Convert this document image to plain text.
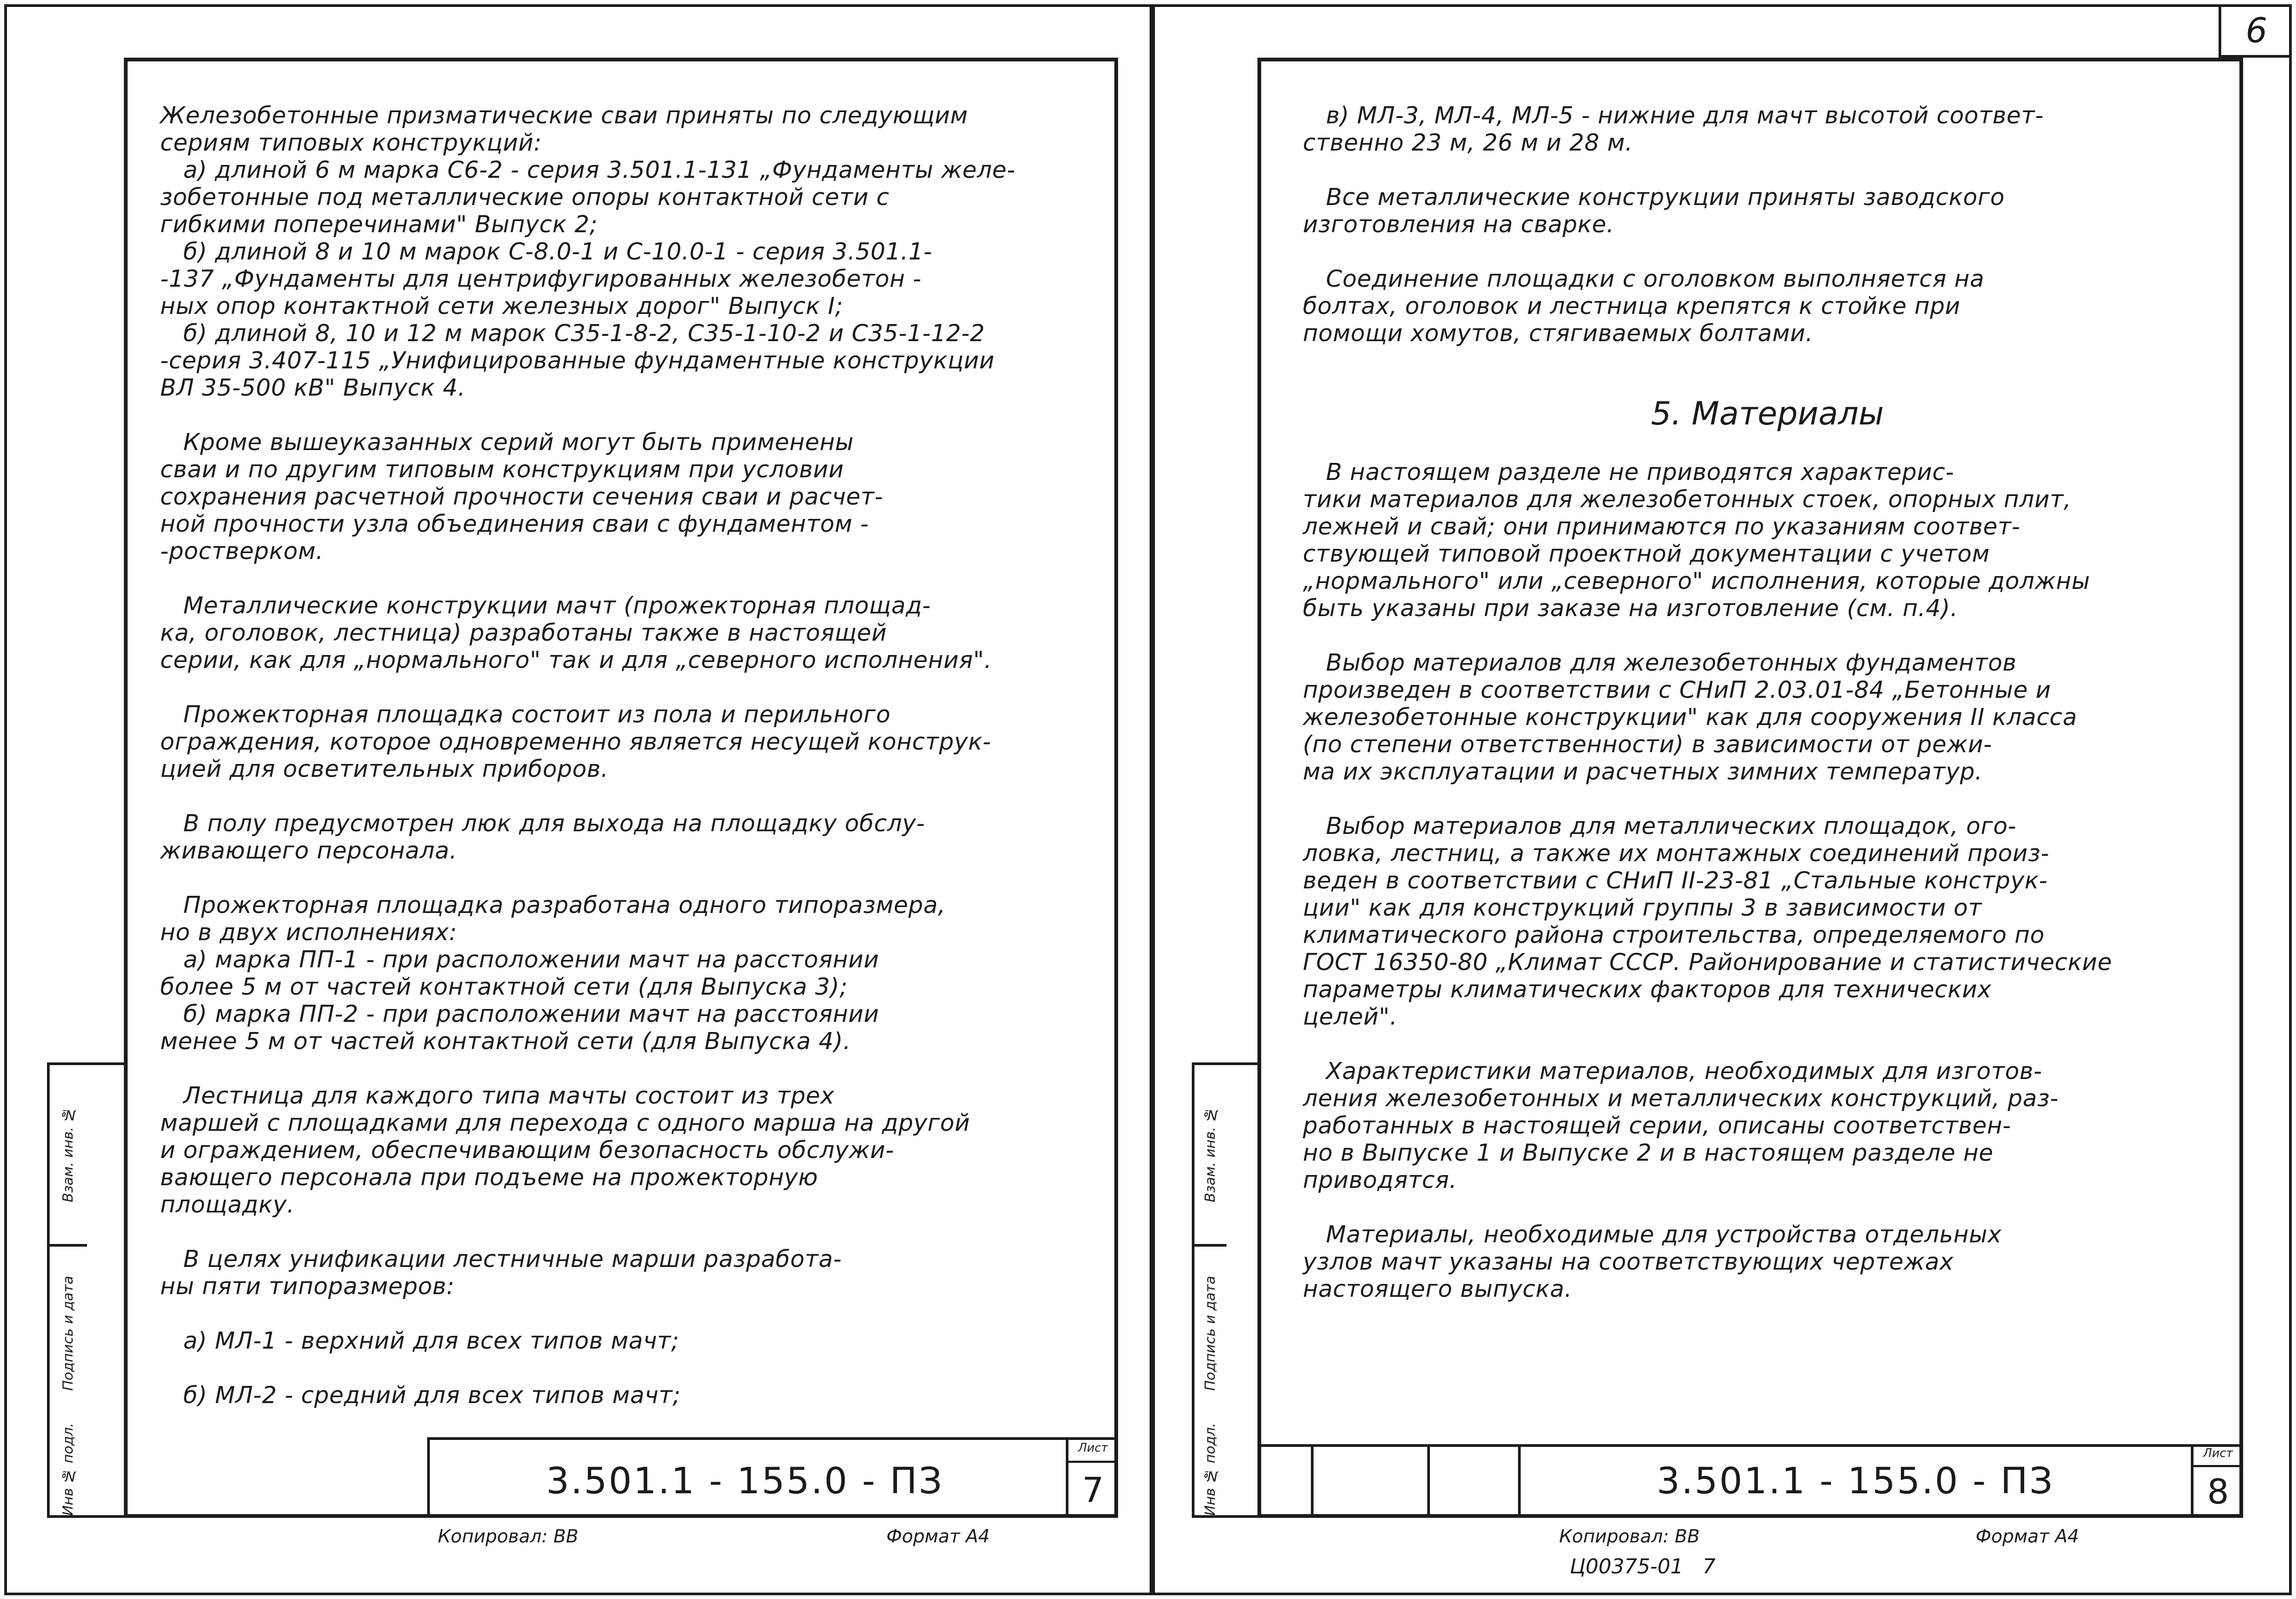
Железобетонные призматические сваи приняты по следующим
сериям типовых конструкций:
а) длиной 6 м марка С6-2 - серия 3.501.1-131 „Фундаменты желе-
зобетонные под металлические опоры контактной сети с
гибкими поперечинами" Выпуск 2;
б) длиной 8 и 10 м марок С-8.0-1 и С-10.0-1 - серия 3.501.1-
-137 „Фундаменты для центрифугированных железобетон -
ных опор контактной сети железных дорог" Выпуск I;
б) длиной 8, 10 и 12 м марок С35-1-8-2, С35-1-10-2 и С35-1-12-2
-серия 3.407-115 „Унифицированные фундаментные конструкции
ВЛ 35-500 кВ" Выпуск 4.

Кроме вышеуказанных серий могут быть применены
сваи и по другим типовым конструкциям при условии
сохранения расчетной прочности сечения сваи и расчет-
ной прочности узла объединения сваи с фундаментом -
-ростверком.

Металлические конструкции мачт (прожекторная площад-
ка, оголовок, лестница) разработаны также в настоящей
серии, как для „нормального" так и для „северного исполнения".

Прожекторная площадка состоит из пола и перильного
ограждения, которое одновременно является несущей конструк-
цией для осветительных приборов.

В полу предусмотрен люк для выхода на площадку обслу-
живающего персонала.

Прожекторная площадка разработана одного типоразмера,
но в двух исполнениях:
а) марка ПП-1 - при расположении мачт на расстоянии
более 5 м от частей контактной сети (для Выпуска 3);
б) марка ПП-2 - при расположении мачт на расстоянии
менее 5 м от частей контактной сети (для Выпуска 4).

Лестница для каждого типа мачты состоит из трех
маршей с площадками для перехода с одного марша на другой
и ограждением, обеспечивающим безопасность обслужи-
вающего персонала при подъеме на прожекторную
площадку.

В целях унификации лестничные марши разработа-
ны пяти типоразмеров:

а) МЛ-1 - верхний для всех типов мачт;

б) МЛ-2 - средний для всех типов мачт;

Инв № подл.
Подпись и дата
Взам. инв. №
3.501.1 - 155.0 - ПЗ
Лист
7
Копировал: ВВ	Формат А4
6

в) МЛ-3, МЛ-4, МЛ-5 - нижние для мачт высотой соответ-
ственно 23 м, 26 м и 28 м.

Все металлические конструкции приняты заводского
изготовления на сварке.

Соединение площадки с оголовком выполняется на
болтах, оголовок и лестница крепятся к стойке при
помощи хомутов, стягиваемых болтами.

5. Материалы

В настоящем разделе не приводятся характерис-
тики материалов для железобетонных стоек, опорных плит,
лежней и свай; они принимаются по указаниям соответ-
ствующей типовой проектной документации с учетом
„нормального" или „северного" исполнения, которые должны
быть указаны при заказе на изготовление (см. п.4).

Выбор материалов для железобетонных фундаментов
произведен в соответствии с СНиП 2.03.01-84 „Бетонные и
железобетонные конструкции" как для сооружения II класса
(по степени ответственности) в зависимости от режи-
ма их эксплуатации и расчетных зимних температур.

Выбор материалов для металлических площадок, ого-
ловка, лестниц, а также их монтажных соединений произ-
веден в соответствии с СНиП II-23-81 „Стальные конструк-
ции" как для конструкций группы 3 в зависимости от
климатического района строительства, определяемого по
ГОСТ 16350-80 „Климат СССР. Районирование и статистические
параметры климатических факторов для технических
целей".

Характеристики материалов, необходимых для изготов-
ления железобетонных и металлических конструкций, раз-
работанных в настоящей серии, описаны соответствен-
но в Выпуске 1 и Выпуске 2 и в настоящем разделе не
приводятся.

Материалы, необходимые для устройства отдельных
узлов мачт указаны на соответствующих чертежах
настоящего выпуска.

Инв № подл.
Подпись и дата
Взам. инв. №
3.501.1 - 155.0 - ПЗ
Лист
8
Копировал: ВВ	Формат А4
Ц00375-01   7
